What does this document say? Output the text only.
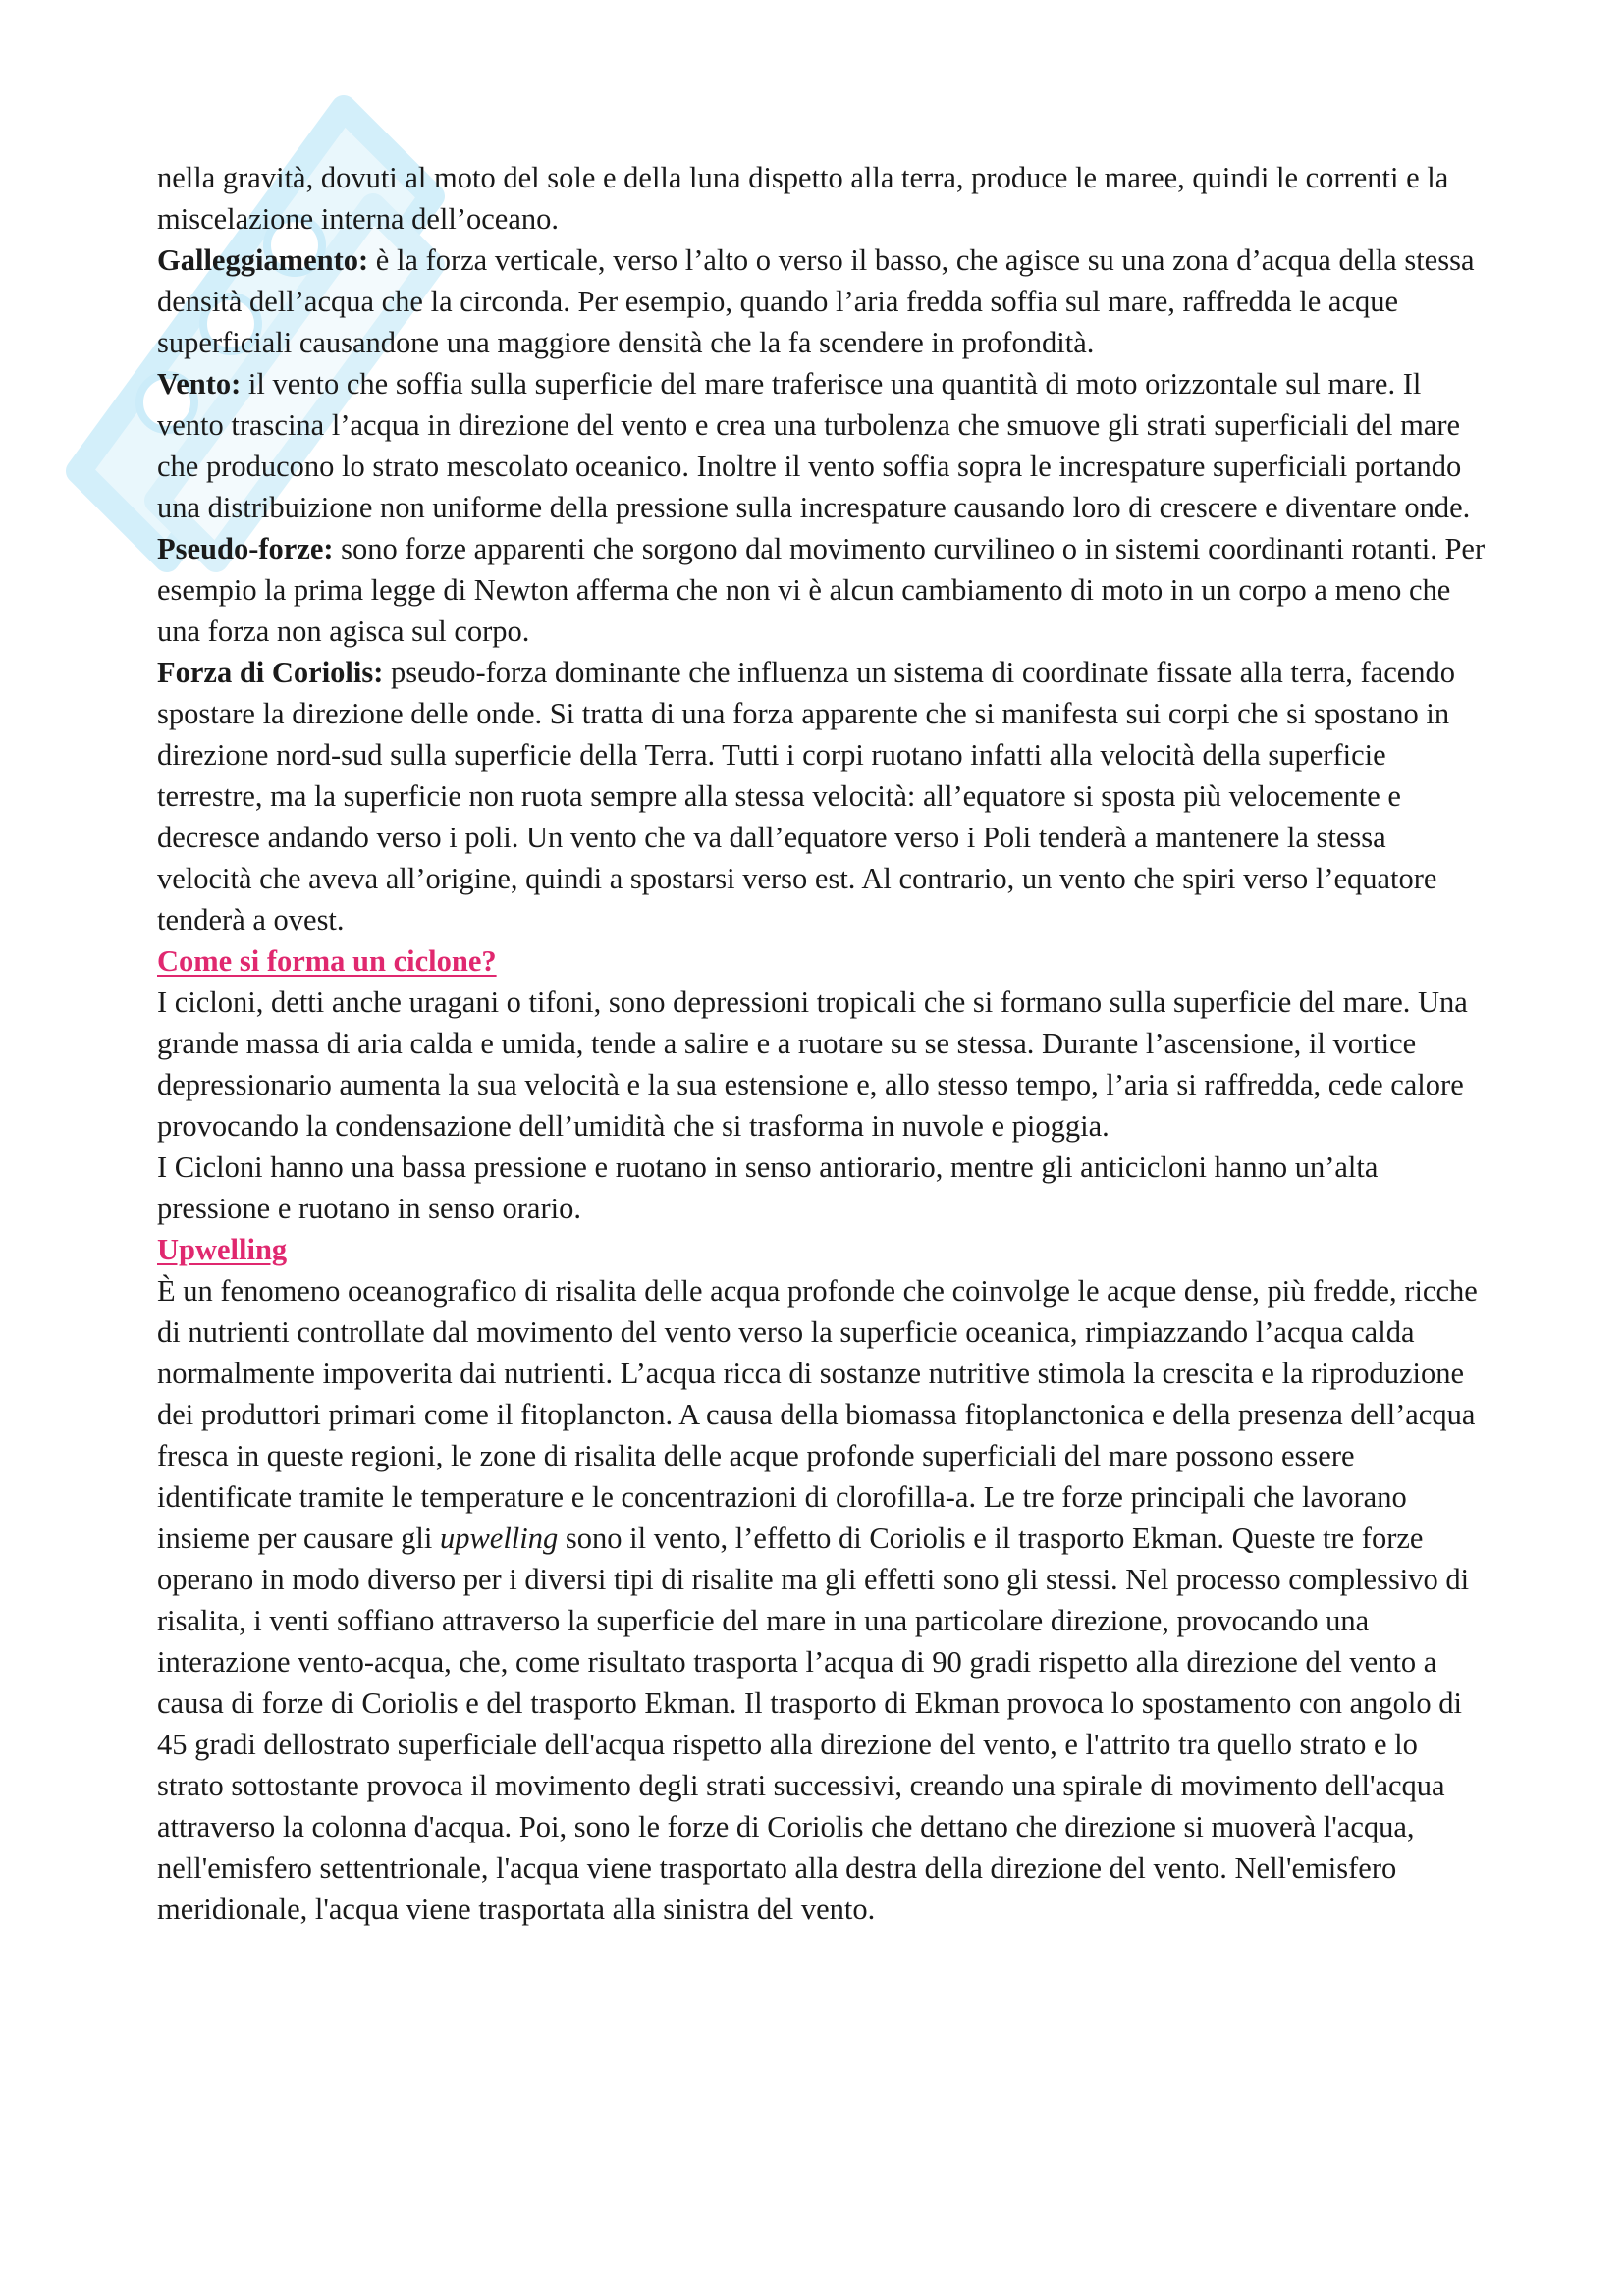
nella gravità, dovuti al moto del sole e della luna dispetto alla terra, produce le maree, quindi le correnti e la miscelazione interna dell’oceano.

Galleggiamento: è la forza verticale, verso l’alto o verso il basso, che agisce su una zona d’acqua della stessa densità dell’acqua che la circonda. Per esempio, quando l’aria fredda soffia sul mare, raffredda le acque superficiali causandone una maggiore densità che la fa scendere in profondità.

Vento: il vento che soffia sulla superficie del mare traferisce una quantità di moto orizzontale sul mare. Il vento trascina l’acqua in direzione del vento e crea una turbolenza che smuove gli strati superficiali del mare che producono lo strato mescolato oceanico. Inoltre il vento soffia sopra le increspature superficiali portando una distribuizione non uniforme della pressione sulla increspature causando loro di crescere e diventare onde.

Pseudo-forze: sono forze apparenti che sorgono dal movimento curvilineo o in sistemi coordinanti rotanti. Per esempio la prima legge di Newton afferma che non vi è alcun cambiamento di moto in un corpo a meno che una forza non agisca sul corpo.

Forza di Coriolis: pseudo-forza dominante che influenza un sistema di coordinate fissate alla terra, facendo spostare la direzione delle onde. Si tratta di una forza apparente che si manifesta sui corpi che si spostano in direzione nord-sud sulla superficie della Terra. Tutti i corpi ruotano infatti alla velocità della superficie terrestre, ma la superficie non ruota sempre alla stessa velocità: all’equatore si sposta più velocemente e decresce andando verso i poli. Un vento che va dall’equatore verso i Poli tenderà a mantenere la stessa velocità che aveva all’origine, quindi a spostarsi verso est. Al contrario, un vento che spiri verso l’equatore tenderà a ovest.

Come si forma un ciclone?

I cicloni, detti anche uragani o tifoni, sono depressioni tropicali che si formano sulla superficie del mare. Una grande massa di aria calda e umida, tende a salire e a ruotare su se stessa. Durante l’ascensione, il vortice depressionario aumenta la sua velocità e la sua estensione e, allo stesso tempo, l’aria si raffredda, cede calore provocando la condensazione dell’umidità che si trasforma in nuvole e pioggia.

I Cicloni hanno una bassa pressione e ruotano in senso antiorario, mentre gli anticicloni hanno un’alta pressione e ruotano in senso orario.

Upwelling

È un fenomeno oceanografico di risalita delle acqua profonde che coinvolge le acque dense, più fredde, ricche di nutrienti controllate dal movimento del vento verso la superficie oceanica, rimpiazzando l’acqua calda normalmente impoverita dai nutrienti. L’acqua ricca di sostanze nutritive stimola la crescita e la riproduzione dei produttori primari come il fitoplancton. A causa della biomassa fitoplanctonica e della presenza dell’acqua fresca in queste regioni, le zone di risalita delle acque profonde superficiali del mare possono essere identificate tramite le temperature e le concentrazioni di clorofilla-a. Le tre forze principali che lavorano insieme per causare gli upwelling sono il vento, l’effetto di Coriolis e il trasporto Ekman. Queste tre forze operano in modo diverso per i diversi tipi di risalite ma gli effetti sono gli stessi. Nel processo complessivo di risalita, i venti soffiano attraverso la superficie del mare in una particolare direzione, provocando una interazione vento-acqua, che, come risultato trasporta l’acqua di 90 gradi rispetto alla direzione del vento a causa di forze di Coriolis e del trasporto Ekman. Il trasporto di Ekman provoca lo spostamento con angolo di 45 gradi dellostrato superficiale dell'acqua rispetto alla direzione del vento, e l'attrito tra quello strato e lo strato sottostante provoca il movimento degli strati successivi, creando una spirale di movimento dell'acqua attraverso la colonna d'acqua. Poi, sono le forze di Coriolis che dettano che direzione si muoverà l'acqua, nell'emisfero settentrionale, l'acqua viene trasportato alla destra della direzione del vento. Nell'emisfero meridionale, l'acqua viene trasportata alla sinistra del vento.
